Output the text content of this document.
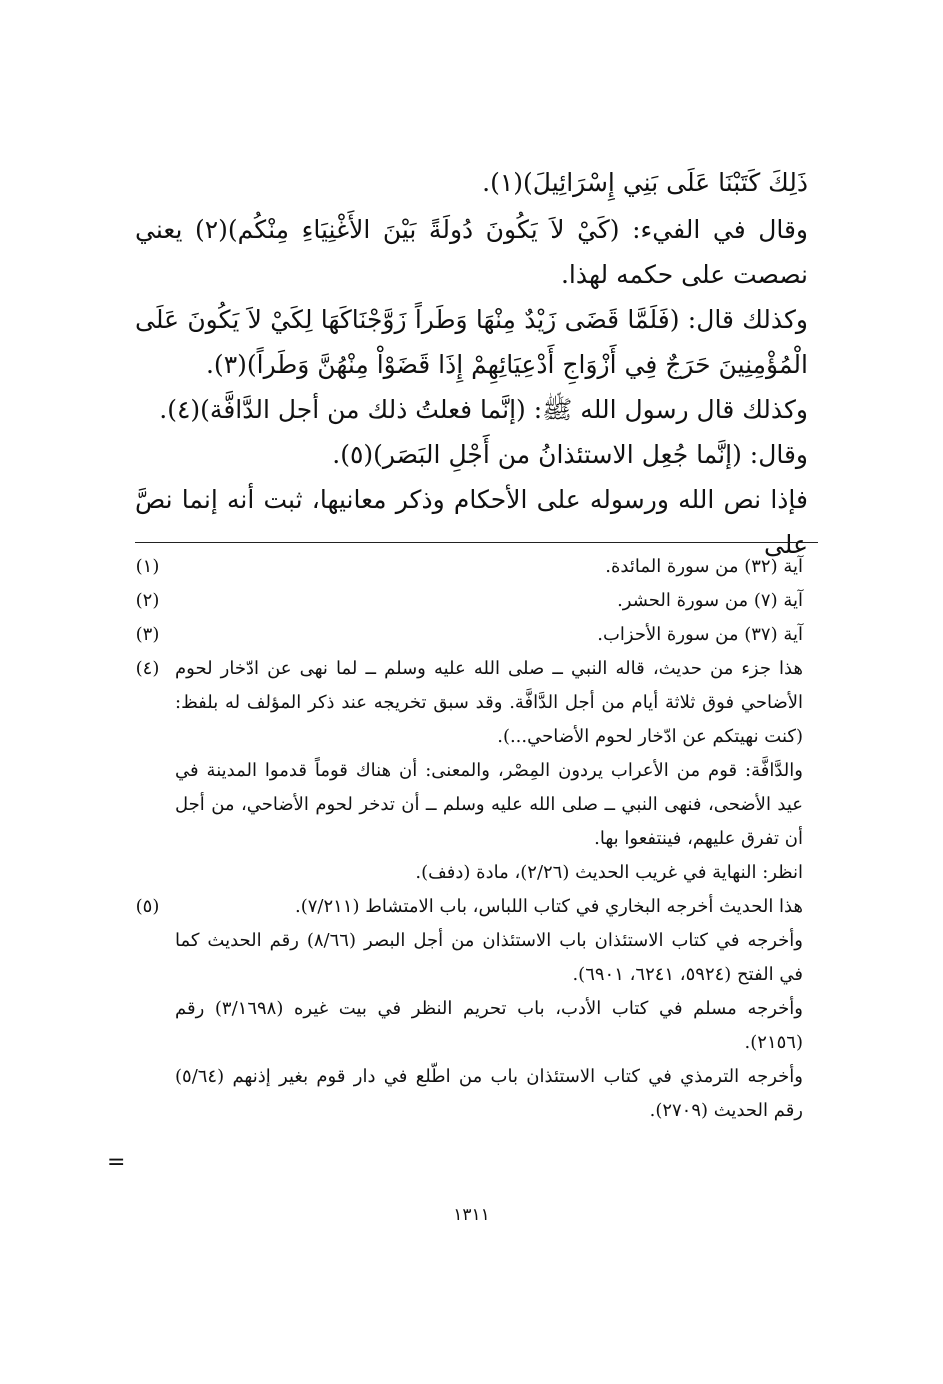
ذَلِكَ كَتَبْنَا عَلَى بَنِي إِسْرَائِيلَ)(١).

وقال في الفيء: (كَيْ لاَ يَكُونَ دُولَةً بَيْنَ الأَغْنِيَاءِ مِنْكُم)(٢) يعني نصصت على حكمه لهذا.

وكذلك قال: (فَلَمَّا قَضَى زَيْدٌ مِنْهَا وَطَراً زَوَّجْنَاكَهَا لِكَيْ لاَ يَكُونَ عَلَى الْمُؤْمِنِينَ حَرَجٌ فِي أَزْوَاجِ أَدْعِيَائِهِمْ إِذَا قَضَوْاْ مِنْهُنَّ وَطَراً)(٣).

وكذلك قال رسول الله ﷺ: (إنَّما فعلتُ ذلك من أجل الدَّافَّة)(٤).

وقال: (إنَّما جُعِل الاستئذانُ من أَجْلِ البَصَر)(٥).

فإذا نص الله ورسوله على الأحكام وذكر معانيها، ثبت أنه إنما نصَّ على

(١)	آية (٣٢) من سورة المائدة.

(٢)	آية (٧) من سورة الحشر.

(٣)	آية (٣٧) من سورة الأحزاب.

(٤) هذا جزء من حديث، قاله النبي ــ صلى الله عليه وسلم ــ لما نهى عن ادّخار لحوم الأضاحي فوق ثلاثة أيام من أجل الدَّافَّة. وقد سبق تخريجه عند ذكر المؤلف له بلفظ: (كنت نهيتكم عن ادّخار لحوم الأضاحي...).

والدَّافَّة: قوم من الأعراب يردون المِصْر، والمعنى: أن هناك قوماً قدموا المدينة في عيد الأضحى، فنهى النبي ــ صلى الله عليه وسلم ــ أن تدخر لحوم الأضاحي، من أجل أن تفرق عليهم، فينتفعوا بها.

انظر: النهاية في غريب الحديث (٢/٢٦)، مادة (دفف).

(٥)	هذا الحديث أخرجه البخاري في كتاب اللباس، باب الامتشاط (٧/٢١١).

وأخرجه في كتاب الاستئذان باب الاستئذان من أجل البصر (٨/٦٦) رقم الحديث كما في الفتح (٥٩٢٤، ٦٢٤١، ٦٩٠١).

وأخرجه مسلم في كتاب الأدب، باب تحريم النظر في بيت غيره (٣/١٦٩٨) رقم (٢١٥٦).

وأخرجه الترمذي في كتاب الاستئذان باب من اطّلع في دار قوم بغير إذنهم (٥/٦٤) رقم الحديث (٢٧٠٩).

=
١٣١١
